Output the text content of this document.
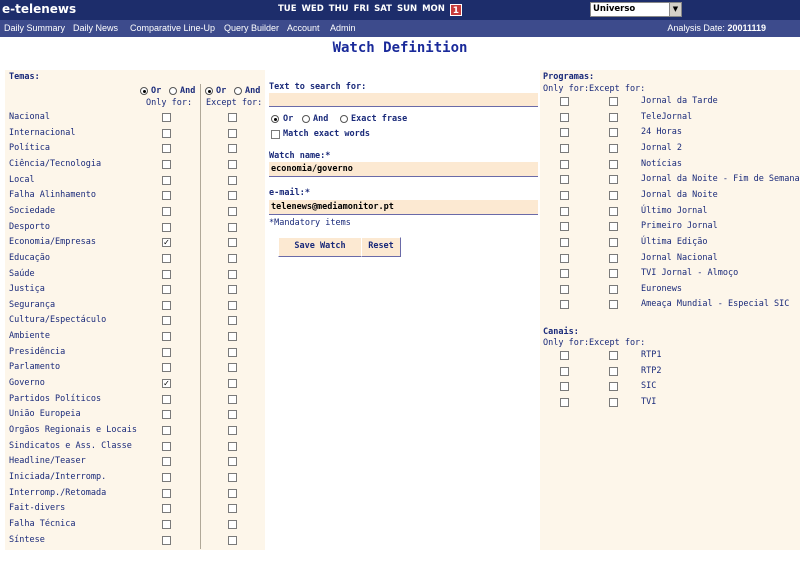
e-telenews	TUE WED THU FRI SAT SUN MON 1	Universo	▼
Daily Summary Daily News Comparative Line-Up Query Builder Account Admin	Analysis Date: 20011119
Watch Definition
Temas:
Or And
Only for:
Or And
Except for:
Nacional
Internacional
Política
Ciência/Tecnologia
Local
Falha Alinhamento
Sociedade
Desporto
Economia/Empresas	✓
Educação
Saúde
Justiça
Segurança
Cultura/Espectáculo
Ambiente
Presidência
Parlamento
Governo	✓
Partidos Políticos
União Europeia
Orgãos Regionais e Locais
Sindicatos e Ass. Classe
Headline/Teaser
Iniciada/Interromp.
Interromp./Retomada
Fait-divers
Falha Técnica
Síntese
Text to search for:
Or And	Exact frase
Match exact words
Watch name:*
economia/governo
e-mail:*
telenews@mediamonitor.pt
*Mandatory items
Save Watch	Reset
Programas:
Only for: Except for:
Jornal da Tarde
TeleJornal
24 Horas
Jornal 2
Notícias
Jornal da Noite - Fim de Semana
Jornal da Noite
Último Jornal
Primeiro Jornal
Última Edição
Jornal Nacional
TVI Jornal - Almoço
Euronews
Ameaça Mundial - Especial SIC
Canais:
Only for: Except for:
RTP1
RTP2
SIC
TVI
